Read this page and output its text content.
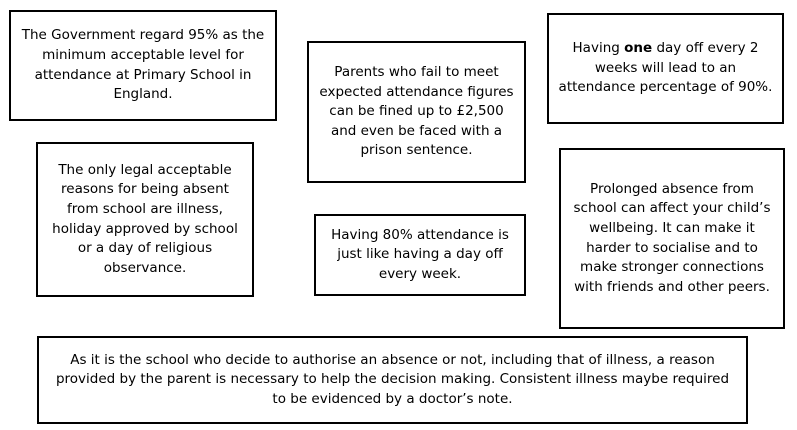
The Government regard 95% as the minimum acceptable level for attendance at Primary School in England.

Parents who fail to meet expected attendance figures can be fined up to £2,500 and even be faced with a prison sentence.

Having one day off every 2 weeks will lead to an attendance percentage of 90%.

The only legal acceptable reasons for being absent from school are illness, holiday approved by school or a day of religious observance.

Having 80% attendance is just like having a day off every week.

Prolonged absence from school can affect your child’s wellbeing. It can make it harder to socialise and to make stronger connections with friends and other peers.

As it is the school who decide to authorise an absence or not, including that of illness, a reason provided by the parent is necessary to help the decision making. Consistent illness maybe required to be evidenced by a doctor’s note.
